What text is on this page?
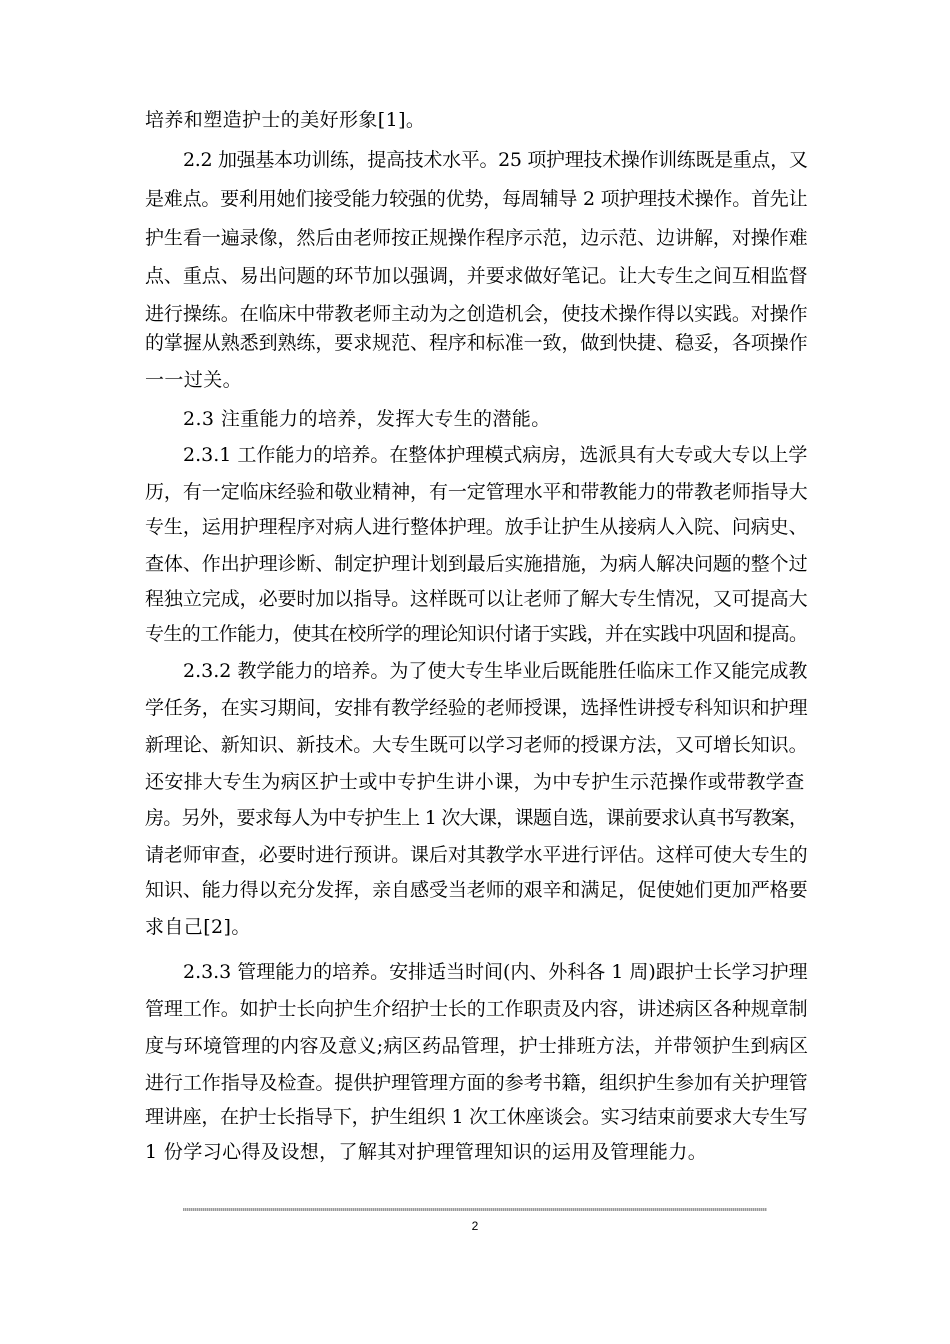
培养和塑造护士的美好形象[1]。
2.2 加强基本功训练，提高技术水平。25 项护理技术操作训练既是重点，又
是难点。要利用她们接受能力较强的优势，每周辅导 2 项护理技术操作。首先让
护生看一遍录像，然后由老师按正规操作程序示范，边示范、边讲解，对操作难
点、重点、易出问题的环节加以强调，并要求做好笔记。让大专生之间互相监督
进行操练。在临床中带教老师主动为之创造机会，使技术操作得以实践。对操作
的掌握从熟悉到熟练，要求规范、程序和标准一致，做到快捷、稳妥，各项操作
一一过关。
2.3 注重能力的培养，发挥大专生的潜能。
2.3.1 工作能力的培养。在整体护理模式病房，选派具有大专或大专以上学
历，有一定临床经验和敬业精神，有一定管理水平和带教能力的带教老师指导大
专生，运用护理程序对病人进行整体护理。放手让护生从接病人入院、问病史、
查体、作出护理诊断、制定护理计划到最后实施措施，为病人解决问题的整个过
程独立完成，必要时加以指导。这样既可以让老师了解大专生情况，又可提高大
专生的工作能力，使其在校所学的理论知识付诸于实践，并在实践中巩固和提高。
2.3.2 教学能力的培养。为了使大专生毕业后既能胜任临床工作又能完成教
学任务，在实习期间，安排有教学经验的老师授课，选择性讲授专科知识和护理
新理论、新知识、新技术。大专生既可以学习老师的授课方法，又可增长知识。
还安排大专生为病区护士或中专护生讲小课，为中专护生示范操作或带教学查
房。另外，要求每人为中专护生上 1 次大课，课题自选，课前要求认真书写教案，
请老师审查，必要时进行预讲。课后对其教学水平进行评估。这样可使大专生的
知识、能力得以充分发挥，亲自感受当老师的艰辛和满足，促使她们更加严格要
求自己[2]。
2.3.3 管理能力的培养。安排适当时间(内、外科各 1 周)跟护士长学习护理
管理工作。如护士长向护生介绍护士长的工作职责及内容，讲述病区各种规章制
度与环境管理的内容及意义;病区药品管理，护士排班方法，并带领护生到病区
进行工作指导及检查。提供护理管理方面的参考书籍，组织护生参加有关护理管
理讲座，在护士长指导下，护生组织 1 次工休座谈会。实习结束前要求大专生写
1 份学习心得及设想，了解其对护理管理知识的运用及管理能力。
2
